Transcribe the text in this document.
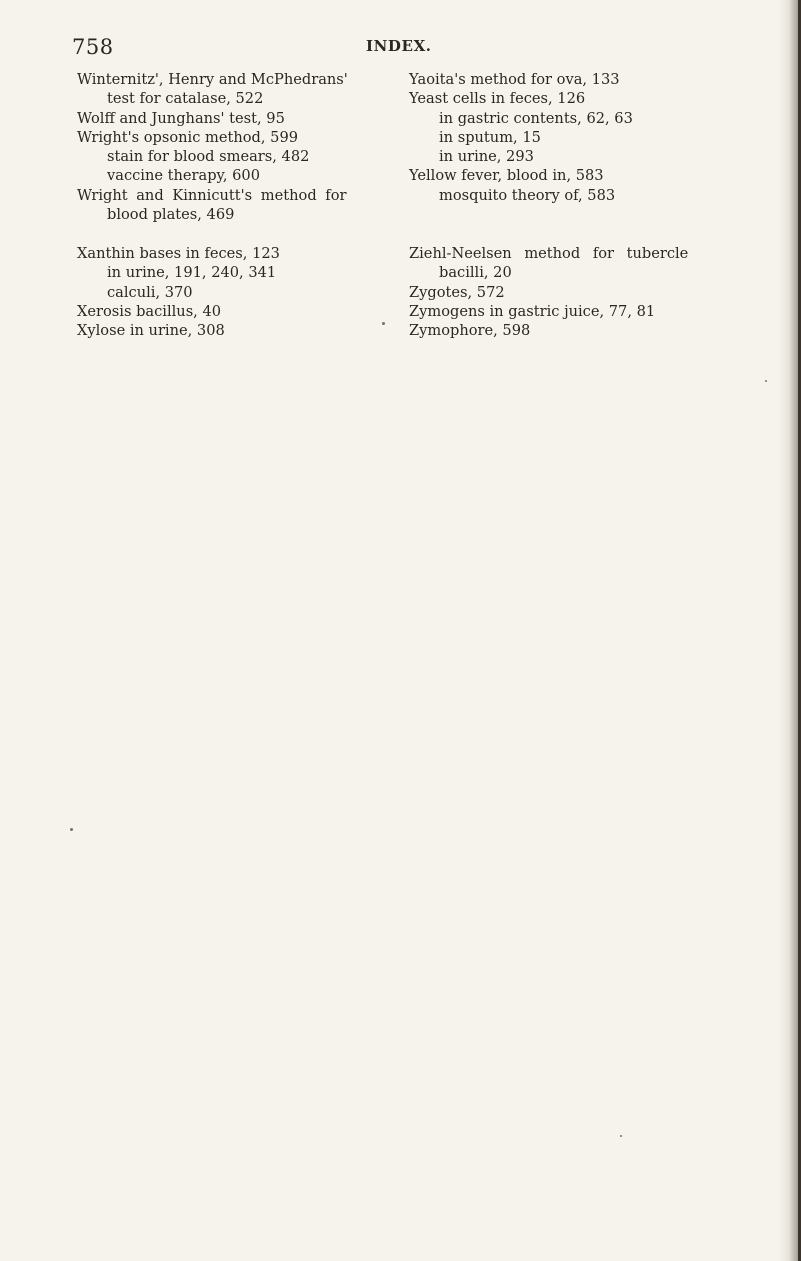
758	INDEX.
Winternitz', Henry and McPhedrans'
test for catalase, 522
Wolff and Junghans' test, 95
Wright's opsonic method, 599
stain for blood smears, 482
vaccine therapy, 600
Wright and Kinnicutt's method for
blood plates, 469
Xanthin bases in feces, 123
in urine, 191, 240, 341
calculi, 370
Xerosis bacillus, 40
Xylose in urine, 308
Yaoita's method for ova, 133
Yeast cells in feces, 126
in gastric contents, 62, 63
in sputum, 15
in urine, 293
Yellow fever, blood in, 583
mosquito theory of, 583
Ziehl-Neelsen method for tubercle
bacilli, 20
Zygotes, 572
Zymogens in gastric juice, 77, 81
Zymophore, 598
